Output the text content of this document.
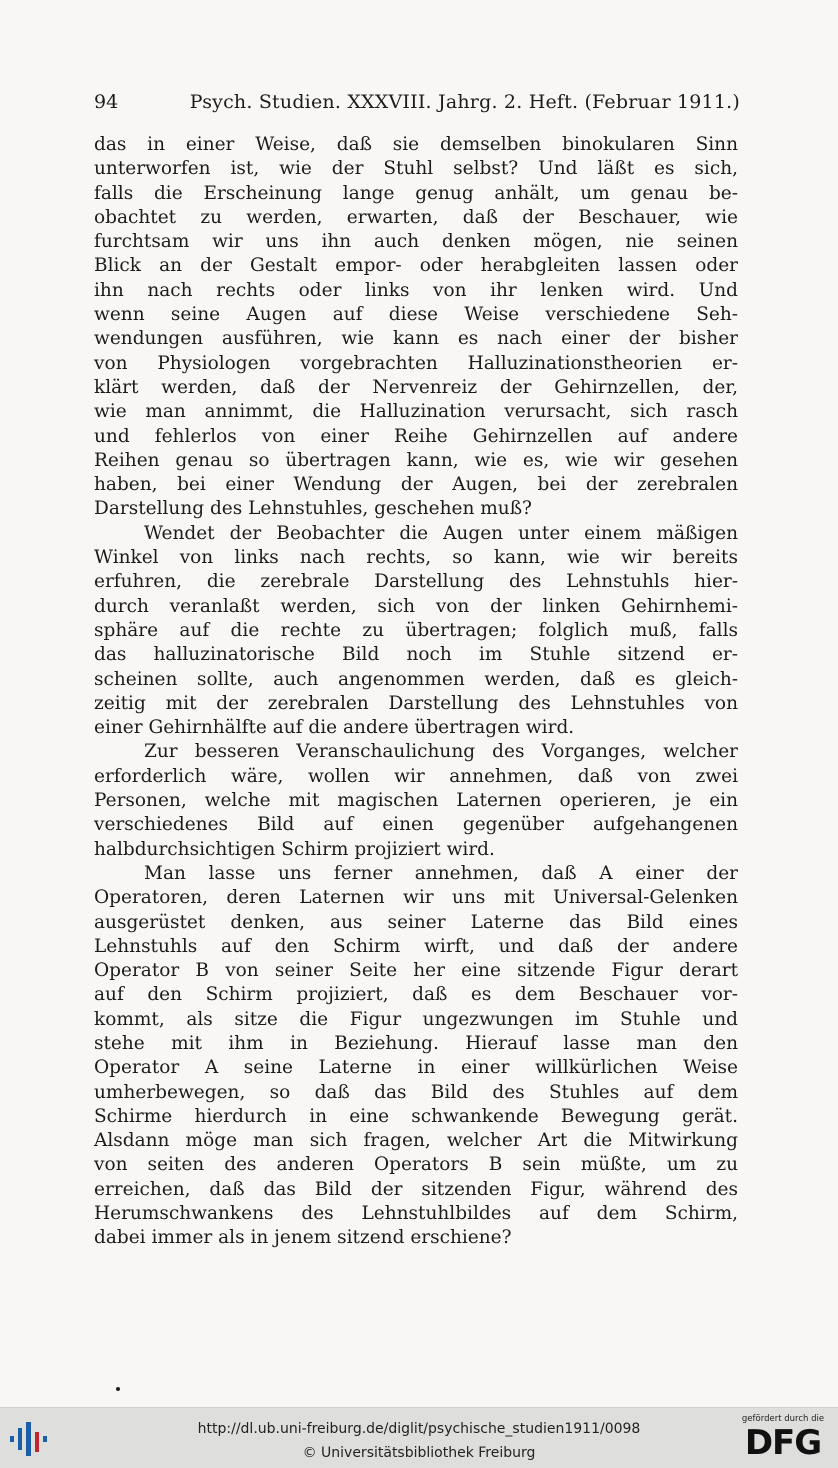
94	Psych. Studien. XXXVIII. Jahrg. 2. Heft. (Februar 1911.)

das in einer Weise, daß sie demselben binokularen Sinn
unterworfen ist, wie der Stuhl selbst? Und läßt es sich,
falls die Erscheinung lange genug anhält, um genau be-
obachtet zu werden, erwarten, daß der Beschauer, wie
furchtsam wir uns ihn auch denken mögen, nie seinen
Blick an der Gestalt empor- oder herabgleiten lassen oder
ihn nach rechts oder links von ihr lenken wird. Und
wenn seine Augen auf diese Weise verschiedene Seh-
wendungen ausführen, wie kann es nach einer der bisher
von Physiologen vorgebrachten Halluzinationstheorien er-
klärt werden, daß der Nervenreiz der Gehirnzellen, der,
wie man annimmt, die Halluzination verursacht, sich rasch
und fehlerlos von einer Reihe Gehirnzellen auf andere
Reihen genau so übertragen kann, wie es, wie wir gesehen
haben, bei einer Wendung der Augen, bei der zerebralen
Darstellung des Lehnstuhles, geschehen muß?

Wendet der Beobachter die Augen unter einem mäßigen
Winkel von links nach rechts, so kann, wie wir bereits
erfuhren, die zerebrale Darstellung des Lehnstuhls hier-
durch veranlaßt werden, sich von der linken Gehirnhemi-
sphäre auf die rechte zu übertragen; folglich muß, falls
das halluzinatorische Bild noch im Stuhle sitzend er-
scheinen sollte, auch angenommen werden, daß es gleich-
zeitig mit der zerebralen Darstellung des Lehnstuhles von
einer Gehirnhälfte auf die andere übertragen wird.

Zur besseren Veranschaulichung des Vorganges, welcher
erforderlich wäre, wollen wir annehmen, daß von zwei
Personen, welche mit magischen Laternen operieren, je ein
verschiedenes Bild auf einen gegenüber aufgehangenen
halbdurchsichtigen Schirm projiziert wird.

Man lasse uns ferner annehmen, daß A einer der
Operatoren, deren Laternen wir uns mit Universal-Gelenken
ausgerüstet denken, aus seiner Laterne das Bild eines
Lehnstuhls auf den Schirm wirft, und daß der andere
Operator B von seiner Seite her eine sitzende Figur derart
auf den Schirm projiziert, daß es dem Beschauer vor-
kommt, als sitze die Figur ungezwungen im Stuhle und
stehe mit ihm in Beziehung. Hierauf lasse man den
Operator A seine Laterne in einer willkürlichen Weise
umherbewegen, so daß das Bild des Stuhles auf dem
Schirme hierdurch in eine schwankende Bewegung gerät.
Alsdann möge man sich fragen, welcher Art die Mitwirkung
von seiten des anderen Operators B sein müßte, um zu
erreichen, daß das Bild der sitzenden Figur, während des
Herumschwankens des Lehnstuhlbildes auf dem Schirm,
dabei immer als in jenem sitzend erschiene?

http://dl.ub.uni-freiburg.de/diglit/psychische_studien1911/0098
© Universitätsbibliothek Freiburg
gefördert durch die
DFG
